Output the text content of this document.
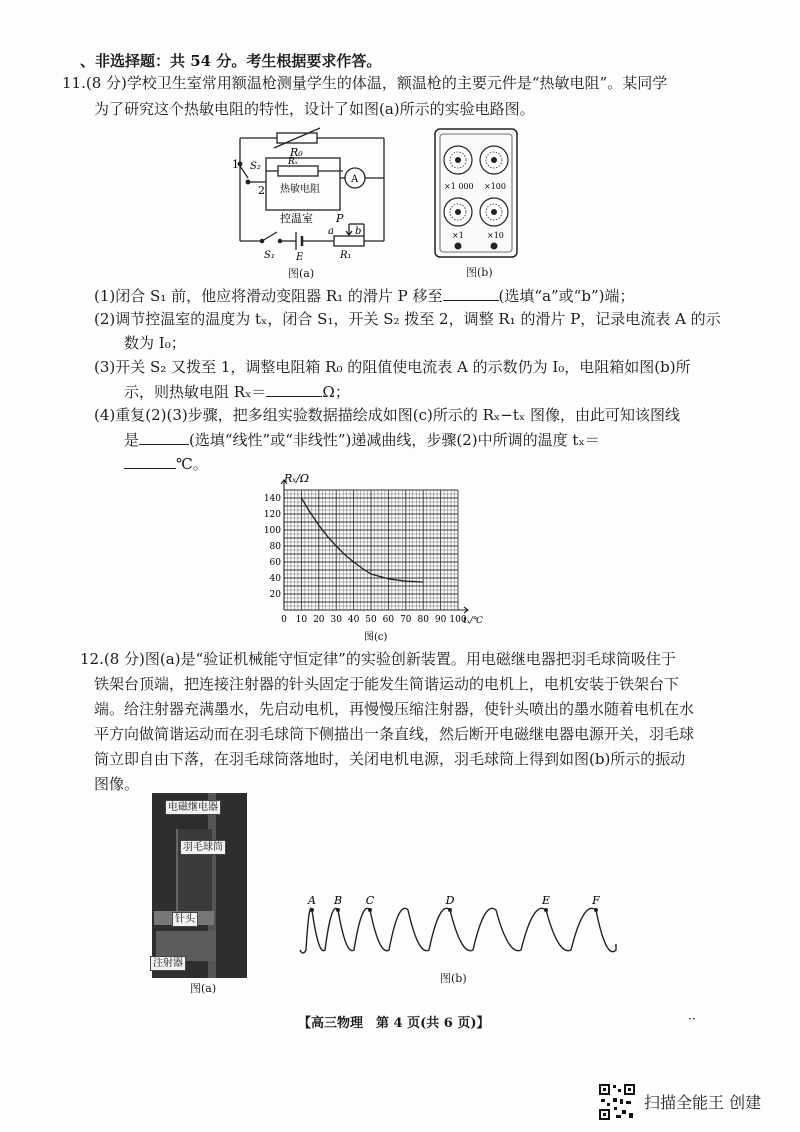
、非选择题：共 54 分。考生根据要求作答。
11.(8 分)学校卫生室常用额温枪测量学生的体温，额温枪的主要元件是“热敏电阻”。某同学
为了研究这个热敏电阻的特性，设计了如图(a)所示的实验电路图。
R₀
1 S₂
2
Rₓ
热敏电阻
A
控温室 P
a b
S₁ E	R₁
图(a)
×1 000 ×100
×1	×10
图(b)
(1)闭合 S₁ 前，他应将滑动变阻器 R₁ 的滑片 P 移至	(选填“a”或“b”)端；
(2)调节控温室的温度为 tₓ，闭合 S₁，开关 S₂ 拨至 2，调整 R₁ 的滑片 P，记录电流表 A 的示
数为 I₀；
(3)开关 S₂ 又拨至 1，调整电阻箱 R₀ 的阻值使电流表 A 的示数仍为 I₀，电阻箱如图(b)所
示，则热敏电阻 Rₓ＝	Ω；
(4)重复(2)(3)步骤，把多组实验数据描绘成如图(c)所示的 Rₓ−tₓ 图像，由此可知该图线
是	(选填“线性”或“非线性”)递减曲线，步骤(2)中所调的温度 tₓ＝
℃。
0 10 20 30 40 50 60 70 80 90 100
20
40
60
80
100
120
140
Rₓ/Ω
tₓ/℃
图(c)
12.(8 分)图(a)是“验证机械能守恒定律”的实验创新装置。用电磁继电器把羽毛球筒吸住于
铁架台顶端，把连接注射器的针头固定于能发生简谐运动的电机上，电机安装于铁架台下
端。给注射器充满墨水，先启动电机，再慢慢压缩注射器，使针头喷出的墨水随着电机在水
平方向做简谐运动而在羽毛球筒下侧描出一条直线，然后断开电磁继电器电源开关，羽毛球
筒立即自由下落，在羽毛球筒落地时，关闭电机电源，羽毛球筒上得到如图(b)所示的振动
图像。
电磁继电器
羽毛球筒
针头
注射器
图(a)
A B C	D	E	F
图(b)
【高三物理　第 4 页(共 6 页)】	··
扫描全能王 创建
